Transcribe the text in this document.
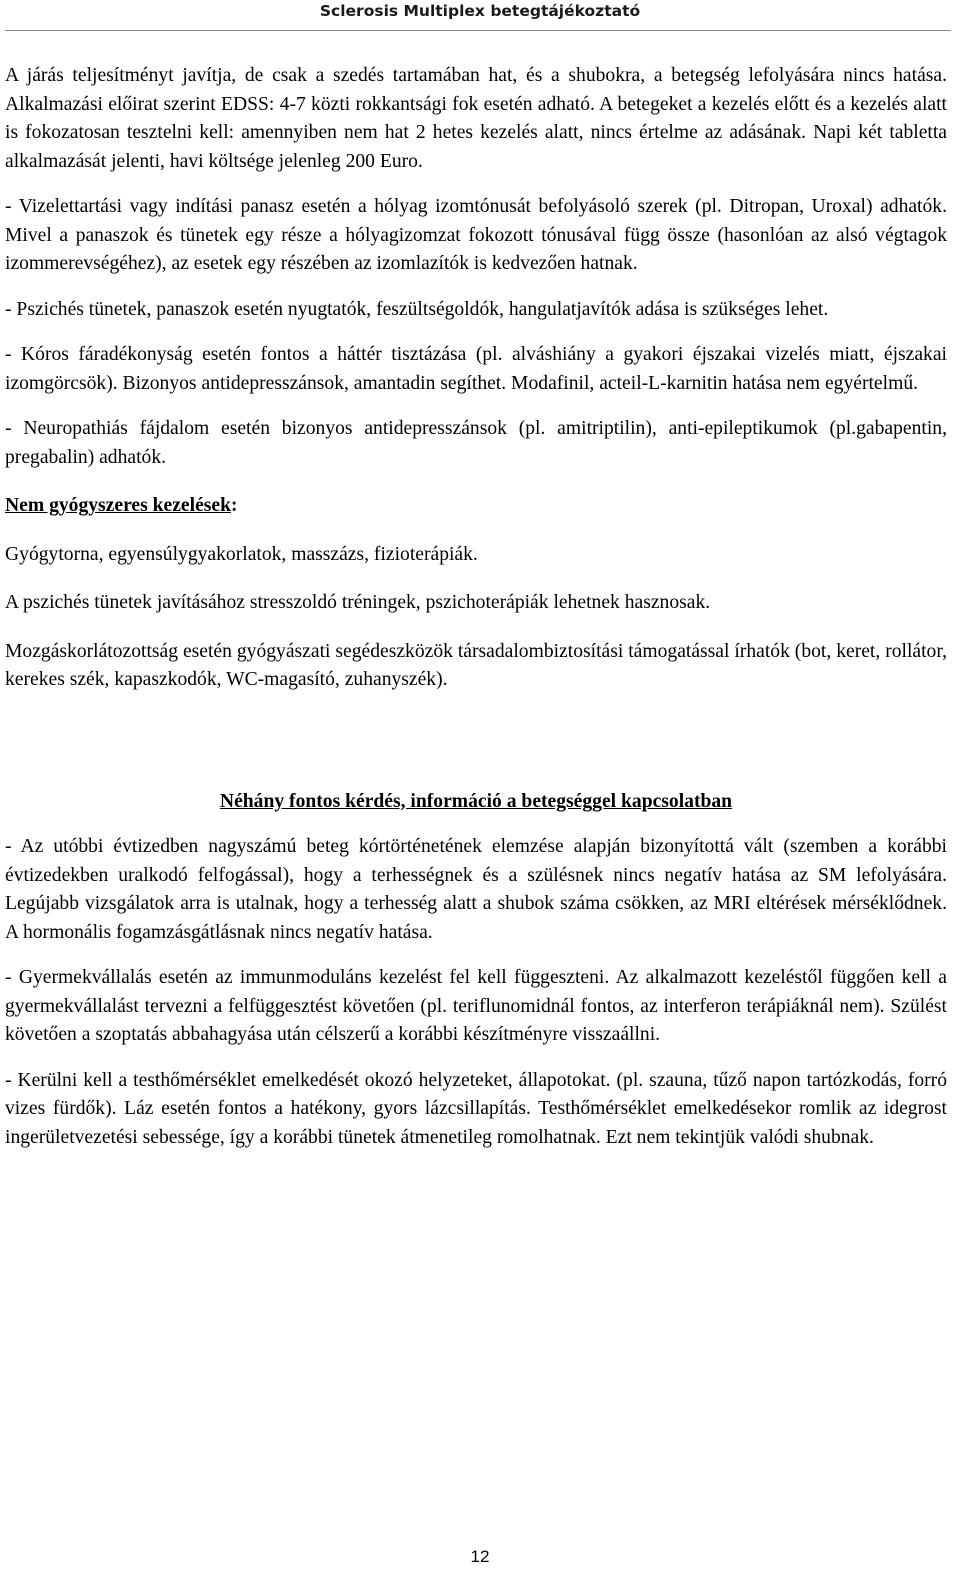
Sclerosis Multiplex betegtájékoztató

A járás teljesítményt javítja, de csak a szedés tartamában hat, és a shubokra, a betegség lefolyására nincs hatása. Alkalmazási előirat szerint EDSS: 4-7 közti rokkantsági fok esetén adható. A betegeket a kezelés előtt és a kezelés alatt is fokozatosan tesztelni kell: amennyiben nem hat 2 hetes kezelés alatt, nincs értelme az adásának. Napi két tabletta alkalmazását jelenti, havi költsége jelenleg 200 Euro.

- Vizelettartási vagy indítási panasz esetén a hólyag izomtónusát befolyásoló szerek (pl. Ditropan, Uroxal) adhatók. Mivel a panaszok és tünetek egy része a hólyagizomzat fokozott tónusával függ össze (hasonlóan az alsó végtagok izommerevségéhez), az esetek egy részében az izomlazítók is kedvezően hatnak.

- Pszichés tünetek, panaszok esetén nyugtatók, feszültségoldók, hangulatjavítók adása is szükséges lehet.

- Kóros fáradékonyság esetén fontos a háttér tisztázása (pl. alváshiány a gyakori éjszakai vizelés miatt, éjszakai izomgörcsök). Bizonyos antidepresszánsok, amantadin segíthet. Modafinil, acteil-L-karnitin hatása nem egyértelmű.

- Neuropathiás fájdalom esetén bizonyos antidepresszánsok (pl. amitriptilin), anti-epileptikumok (pl.gabapentin, pregabalin) adhatók.

Nem gyógyszeres kezelések:

Gyógytorna, egyensúlygyakorlatok, masszázs, fizioterápiák.

A pszichés tünetek javításához stresszoldó tréningek, pszichoterápiák lehetnek hasznosak.

Mozgáskorlátozottság esetén gyógyászati segédeszközök társadalombiztosítási támogatással írhatók (bot, keret, rollátor, kerekes szék, kapaszkodók, WC-magasító, zuhanyszék).

Néhány fontos kérdés, információ a betegséggel kapcsolatban

- Az utóbbi évtizedben nagyszámú beteg kórtörténetének elemzése alapján bizonyítottá vált (szemben a korábbi évtizedekben uralkodó felfogással), hogy a terhességnek és a szülésnek nincs negatív hatása az SM lefolyására. Legújabb vizsgálatok arra is utalnak, hogy a terhesség alatt a shubok száma csökken, az MRI eltérések mérséklődnek. A hormonális fogamzásgátlásnak nincs negatív hatása.

- Gyermekvállalás esetén az immunmoduláns kezelést fel kell függeszteni. Az alkalmazott kezeléstől függően kell a gyermekvállalást tervezni a felfüggesztést követően (pl. teriflunomidnál fontos, az interferon terápiáknál nem). Szülést követően a szoptatás abbahagyása után célszerű a korábbi készítményre visszaállni.

- Kerülni kell a testhőmérséklet emelkedését okozó helyzeteket, állapotokat. (pl. szauna, tűző napon tartózkodás, forró vizes fürdők). Láz esetén fontos a hatékony, gyors lázcsillapítás. Testhőmérséklet emelkedésekor romlik az idegrost ingerületvezetési sebessége, így a korábbi tünetek átmenetileg romolhatnak. Ezt nem tekintjük valódi shubnak.

12
